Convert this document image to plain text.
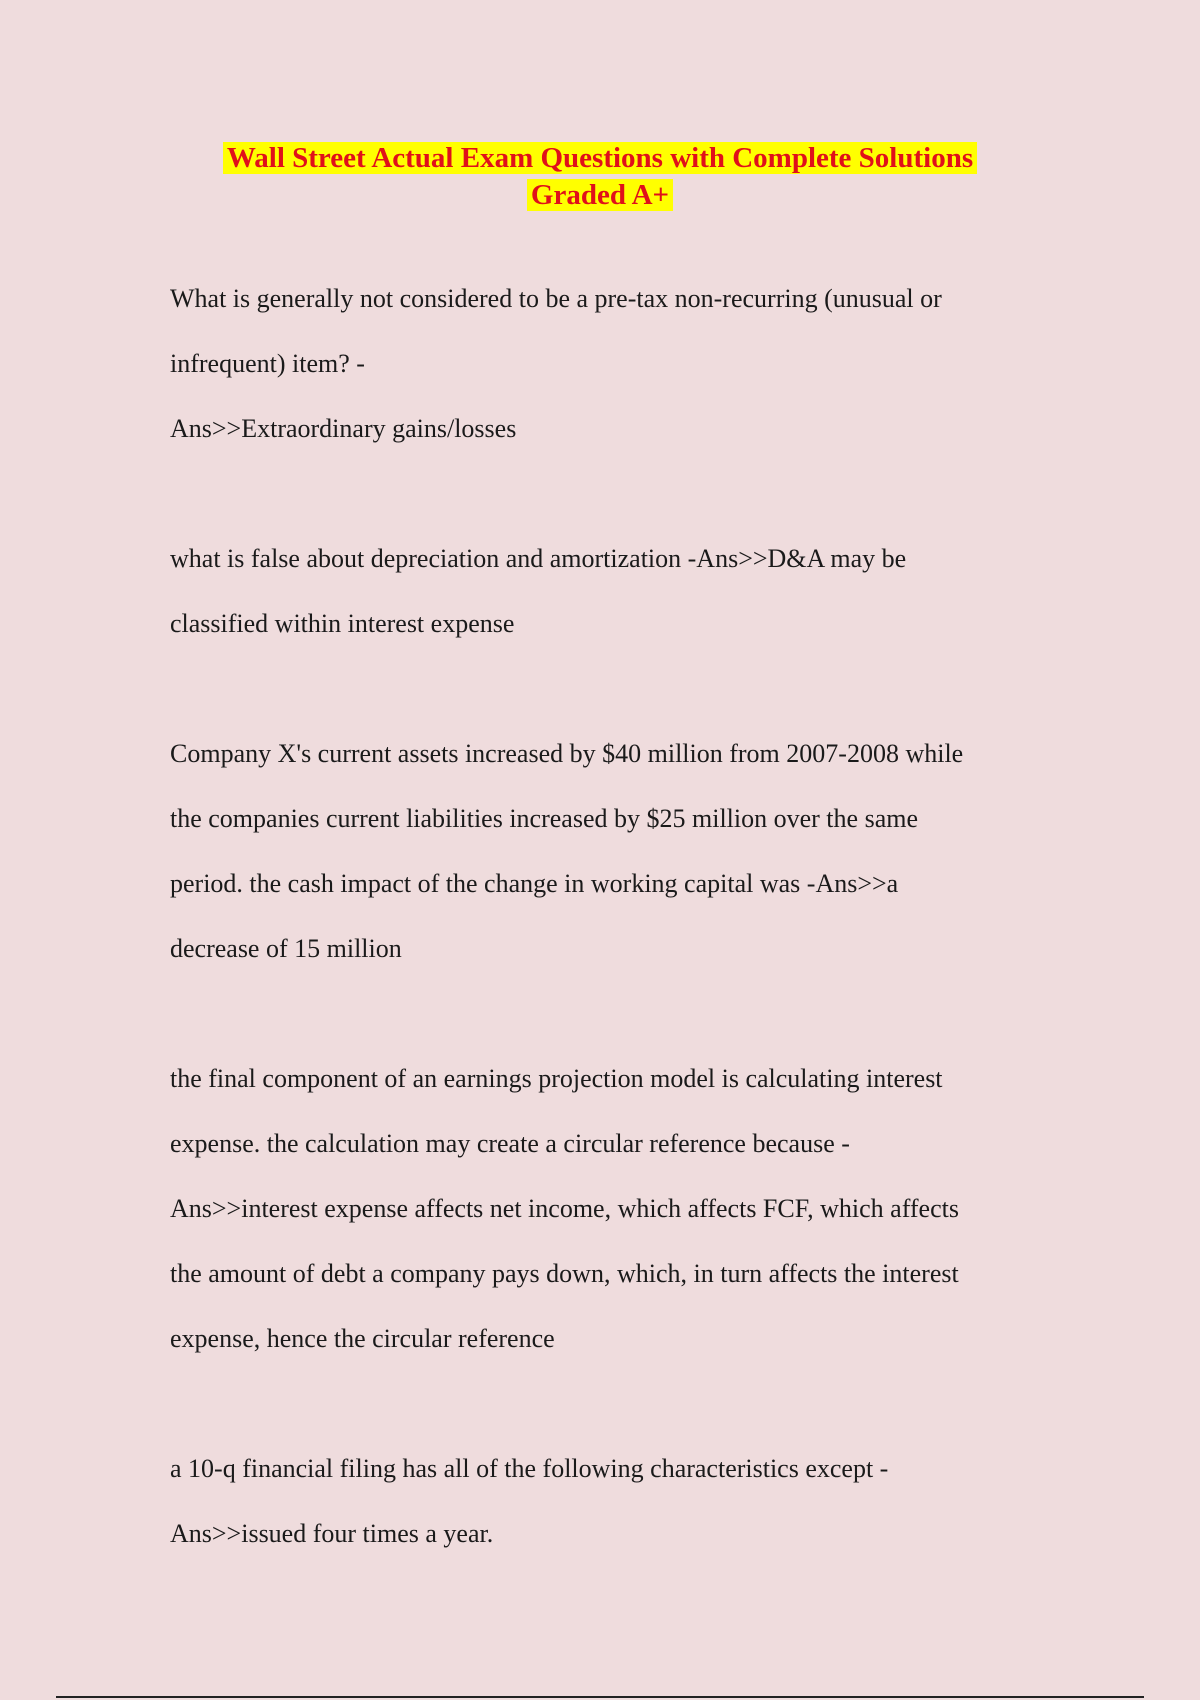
Wall Street Actual Exam Questions with Complete Solutions
Graded A+

What is generally not considered to be a pre-tax non-recurring (unusual or

infrequent) item? -

Ans>>Extraordinary gains/losses

what is false about depreciation and amortization -Ans>>D&A may be

classified within interest expense

Company X's current assets increased by $40 million from 2007-2008 while

the companies current liabilities increased by $25 million over the same

period. the cash impact of the change in working capital was -Ans>>a

decrease of 15 million

the final component of an earnings projection model is calculating interest

expense. the calculation may create a circular reference because -

Ans>>interest expense affects net income, which affects FCF, which affects

the amount of debt a company pays down, which, in turn affects the interest

expense, hence the circular reference

a 10-q financial filing has all of the following characteristics except -

Ans>>issued four times a year.
